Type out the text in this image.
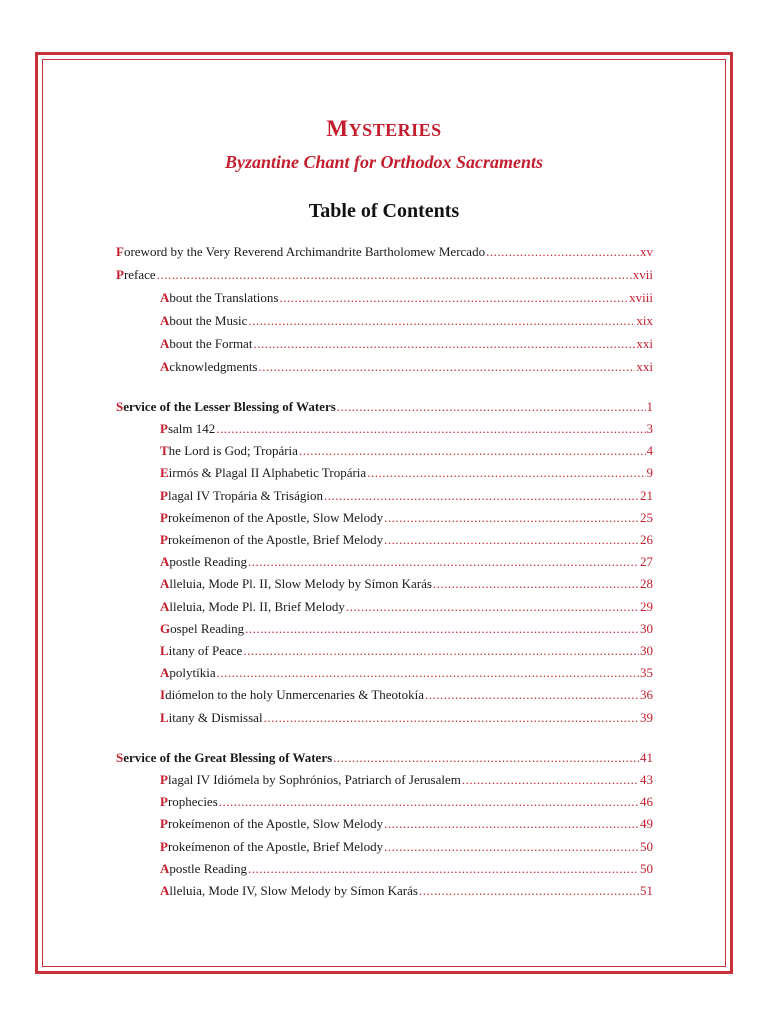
MYSTERIES
Byzantine Chant for Orthodox Sacraments
Table of Contents
F oreword by the Very Reverend Archimandrite Bartholomew Mercado .....	xv
P reface .....	xvii
A bout the Translations .....	xviii
A bout the Music .....	xix
A bout the Format .....	xxi
A cknowledgments .....	xxi
S ervice of the Lesser Blessing of Waters .....	1
P salm 142 .....	3
T he Lord is God; Tropária .....	4
E irmós & Plagal II Alphabetic Tropária .....	9
P lagal IV Tropária & Triságion .....	21
P rokeímenon of the Apostle, Slow Melody .....	25
P rokeímenon of the Apostle, Brief Melody .....	26
A postle Reading .....	27
A lleluia, Mode Pl. II, Slow Melody by Símon Karás .....	28
A lleluia, Mode Pl. II, Brief Melody .....	29
G ospel Reading .....	30
L itany of Peace .....	30
A polytíkia .....	35
I diómelon to the holy Unmercenaries & Theotokía .....	36
L itany & Dismissal .....	39
S ervice of the Great Blessing of Waters .....	41
P lagal IV Idiómela by Sophrónios, Patriarch of Jerusalem .....	43
P rophecies .....	46
P rokeímenon of the Apostle, Slow Melody .....	49
P rokeímenon of the Apostle, Brief Melody .....	50
A postle Reading .....	50
A lleluia, Mode IV, Slow Melody by Símon Karás .....	51
